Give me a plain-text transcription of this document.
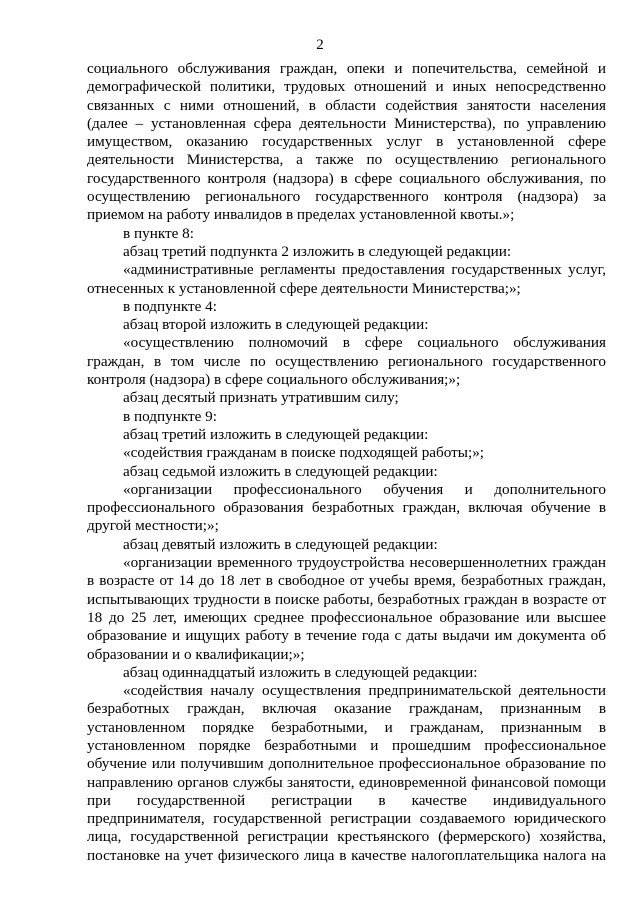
2

социального обслуживания граждан, опеки и попечительства, семейной и демографической политики, трудовых отношений и иных непосредственно связанных с ними отношений, в области содействия занятости населения (далее – установленная сфера деятельности Министерства), по управлению имуществом, оказанию государственных услуг в установленной сфере деятельности Министерства, а также по осуществлению регионального государственного контроля (надзора) в сфере социального обслуживания, по осуществлению регионального государственного контроля (надзора) за приемом на работу инвалидов в пределах установленной квоты.»;

в пункте 8:

абзац третий подпункта 2 изложить в следующей редакции:

«административные регламенты предоставления государственных услуг, отнесенных к установленной сфере деятельности Министерства;»;

в подпункте 4:

абзац второй изложить в следующей редакции:

«осуществлению полномочий в сфере социального обслуживания граждан, в том числе по осуществлению регионального государственного контроля (надзора) в сфере социального обслуживания;»;

абзац десятый признать утратившим силу;

в подпункте 9:

абзац третий изложить в следующей редакции:

«содействия гражданам в поиске подходящей работы;»;

абзац седьмой изложить в следующей редакции:

«организации профессионального обучения и дополнительного профессионального образования безработных граждан, включая обучение в другой местности;»;

абзац девятый изложить в следующей редакции:

«организации временного трудоустройства несовершеннолетних граждан в возрасте от 14 до 18 лет в свободное от учебы время, безработных граждан, испытывающих трудности в поиске работы, безработных граждан в возрасте от 18 до 25 лет, имеющих среднее профессиональное образование или высшее образование и ищущих работу в течение года с даты выдачи им документа об образовании и о квалификации;»;

абзац одиннадцатый изложить в следующей редакции:

«содействия началу осуществления предпринимательской деятельности безработных граждан, включая оказание гражданам, признанным в установленном порядке безработными, и гражданам, признанным в установленном порядке безработными и прошедшим профессиональное обучение или получившим дополнительное профессиональное образование по направлению органов службы занятости, единовременной финансовой помощи при государственной регистрации в качестве индивидуального предпринимателя, государственной регистрации создаваемого юридического лица, государственной регистрации крестьянского (фермерского) хозяйства, постановке на учет физического лица в качестве налогоплательщика налога на
